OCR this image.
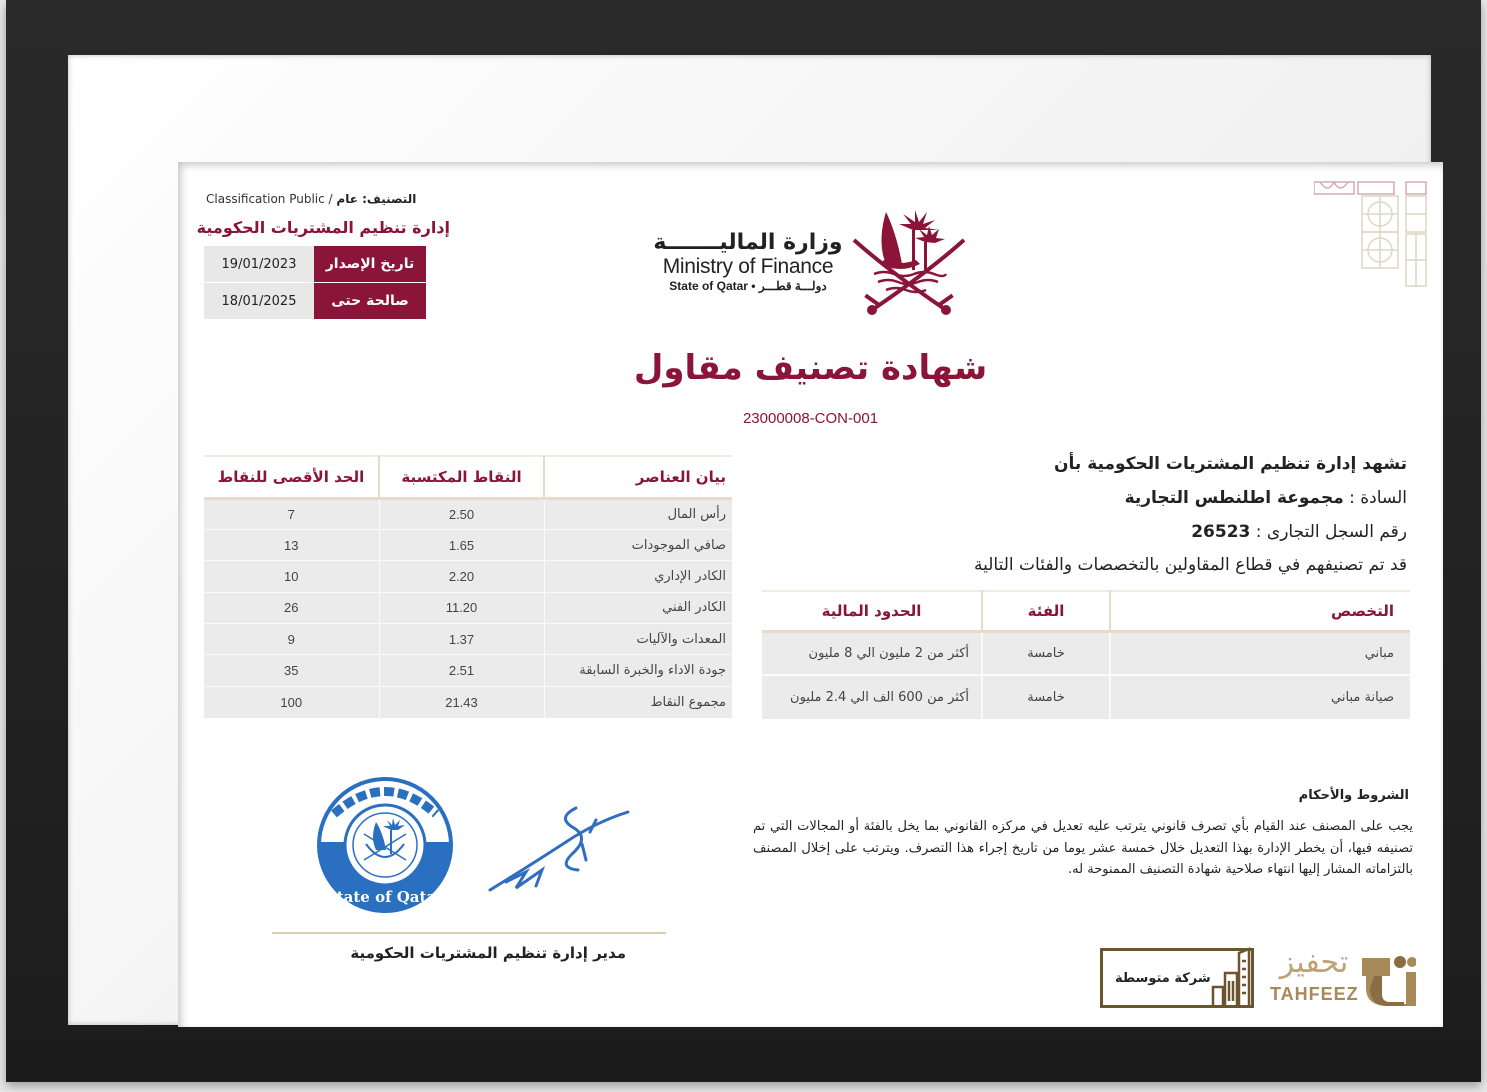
Classification Public / التصنيف: عام
إدارة تنظيم المشتريات الحكومية
19/01/2023	تاريخ الإصدار
18/01/2025	صالحة حتى
وزارة الماليـــــــة
Ministry of Finance
State of Qatar • دولـــة قطـــر
شهادة تصنيف مقاول
23000008-CON-001
بيان العناصر	النقاط المكتسبة	الحد الأقصى للنقاط
رأس المال	2.50	7
صافي الموجودات	1.65	13
الكادر الإداري	2.20	10
الكادر الفني	11.20	26
المعدات والآليات	1.37	9
جودة الاداء والخبرة السابقة	2.51	35
مجموع النقاط	21.43	100
تشهد إدارة تنظيم المشتريات الحكومية بأن
السادة : مجموعة اطلنطس التجارية
رقم السجل التجارى : 26523
قد تم تصنيفهم في قطاع المقاولين بالتخصصات والفئات التالية
التخصص	الفئة	الحدود المالية
مباني	خامسة	أكثر من 2 مليون الي 8 مليون
صيانة مباني	خامسة	أكثر من 600 الف الي 2.4 مليون
الشروط والأحكام
يجب على المصنف عند القيام بأي تصرف قانوني يترتب عليه تعديل في مركزه القانوني بما يخل بالفئة أو المجالات التي تم تصنيفه فيها، أن يخطر الإدارة بهذا التعديل خلال خمسة عشر يوما من تاريخ إجراء هذا التصرف. ويترتب على إخلال المصنف بالتزاماته المشار إليها انتهاء صلاحية شهادة التصنيف الممنوحة له.
State of Qatar
مدير إدارة تنظيم المشتريات الحكومية
شركة متوسطة	تحفيز
TAHFEEZ
